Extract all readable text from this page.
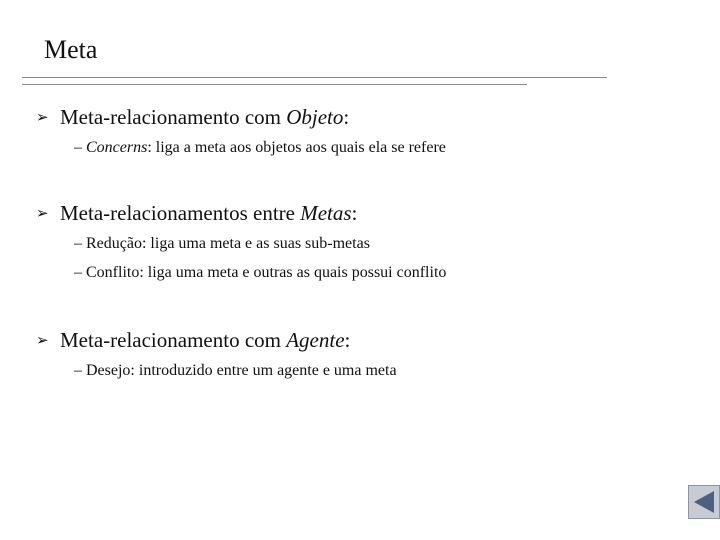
Meta
➢ Meta-relacionamento com Objeto:
– Concerns: liga a meta aos objetos aos quais ela se refere
➢ Meta-relacionamentos entre Metas:
– Redução: liga uma meta e as suas sub-metas
– Conflito: liga uma meta e outras as quais possui conflito
➢ Meta-relacionamento com Agente:
– Desejo: introduzido entre um agente e uma meta
